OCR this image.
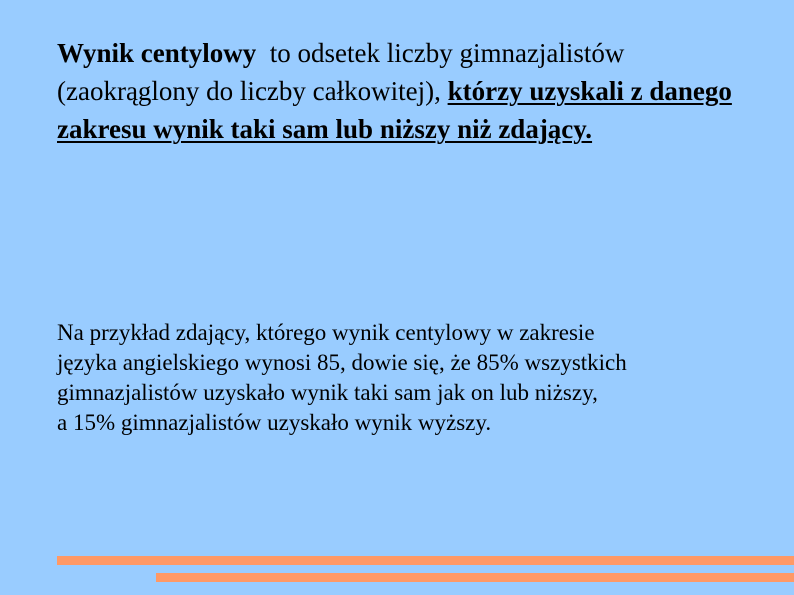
Wynik centylowy to odsetek liczby gimnazjalistów (zaokrąglony do liczby całkowitej), którzy uzyskali z danego zakresu wynik taki sam lub niższy niż zdający.

Na przykład zdający, którego wynik centylowy w zakresie
języka angielskiego wynosi 85, dowie się, że 85% wszystkich
gimnazjalistów uzyskało wynik taki sam jak on lub niższy,
a 15% gimnazjalistów uzyskało wynik wyższy.
